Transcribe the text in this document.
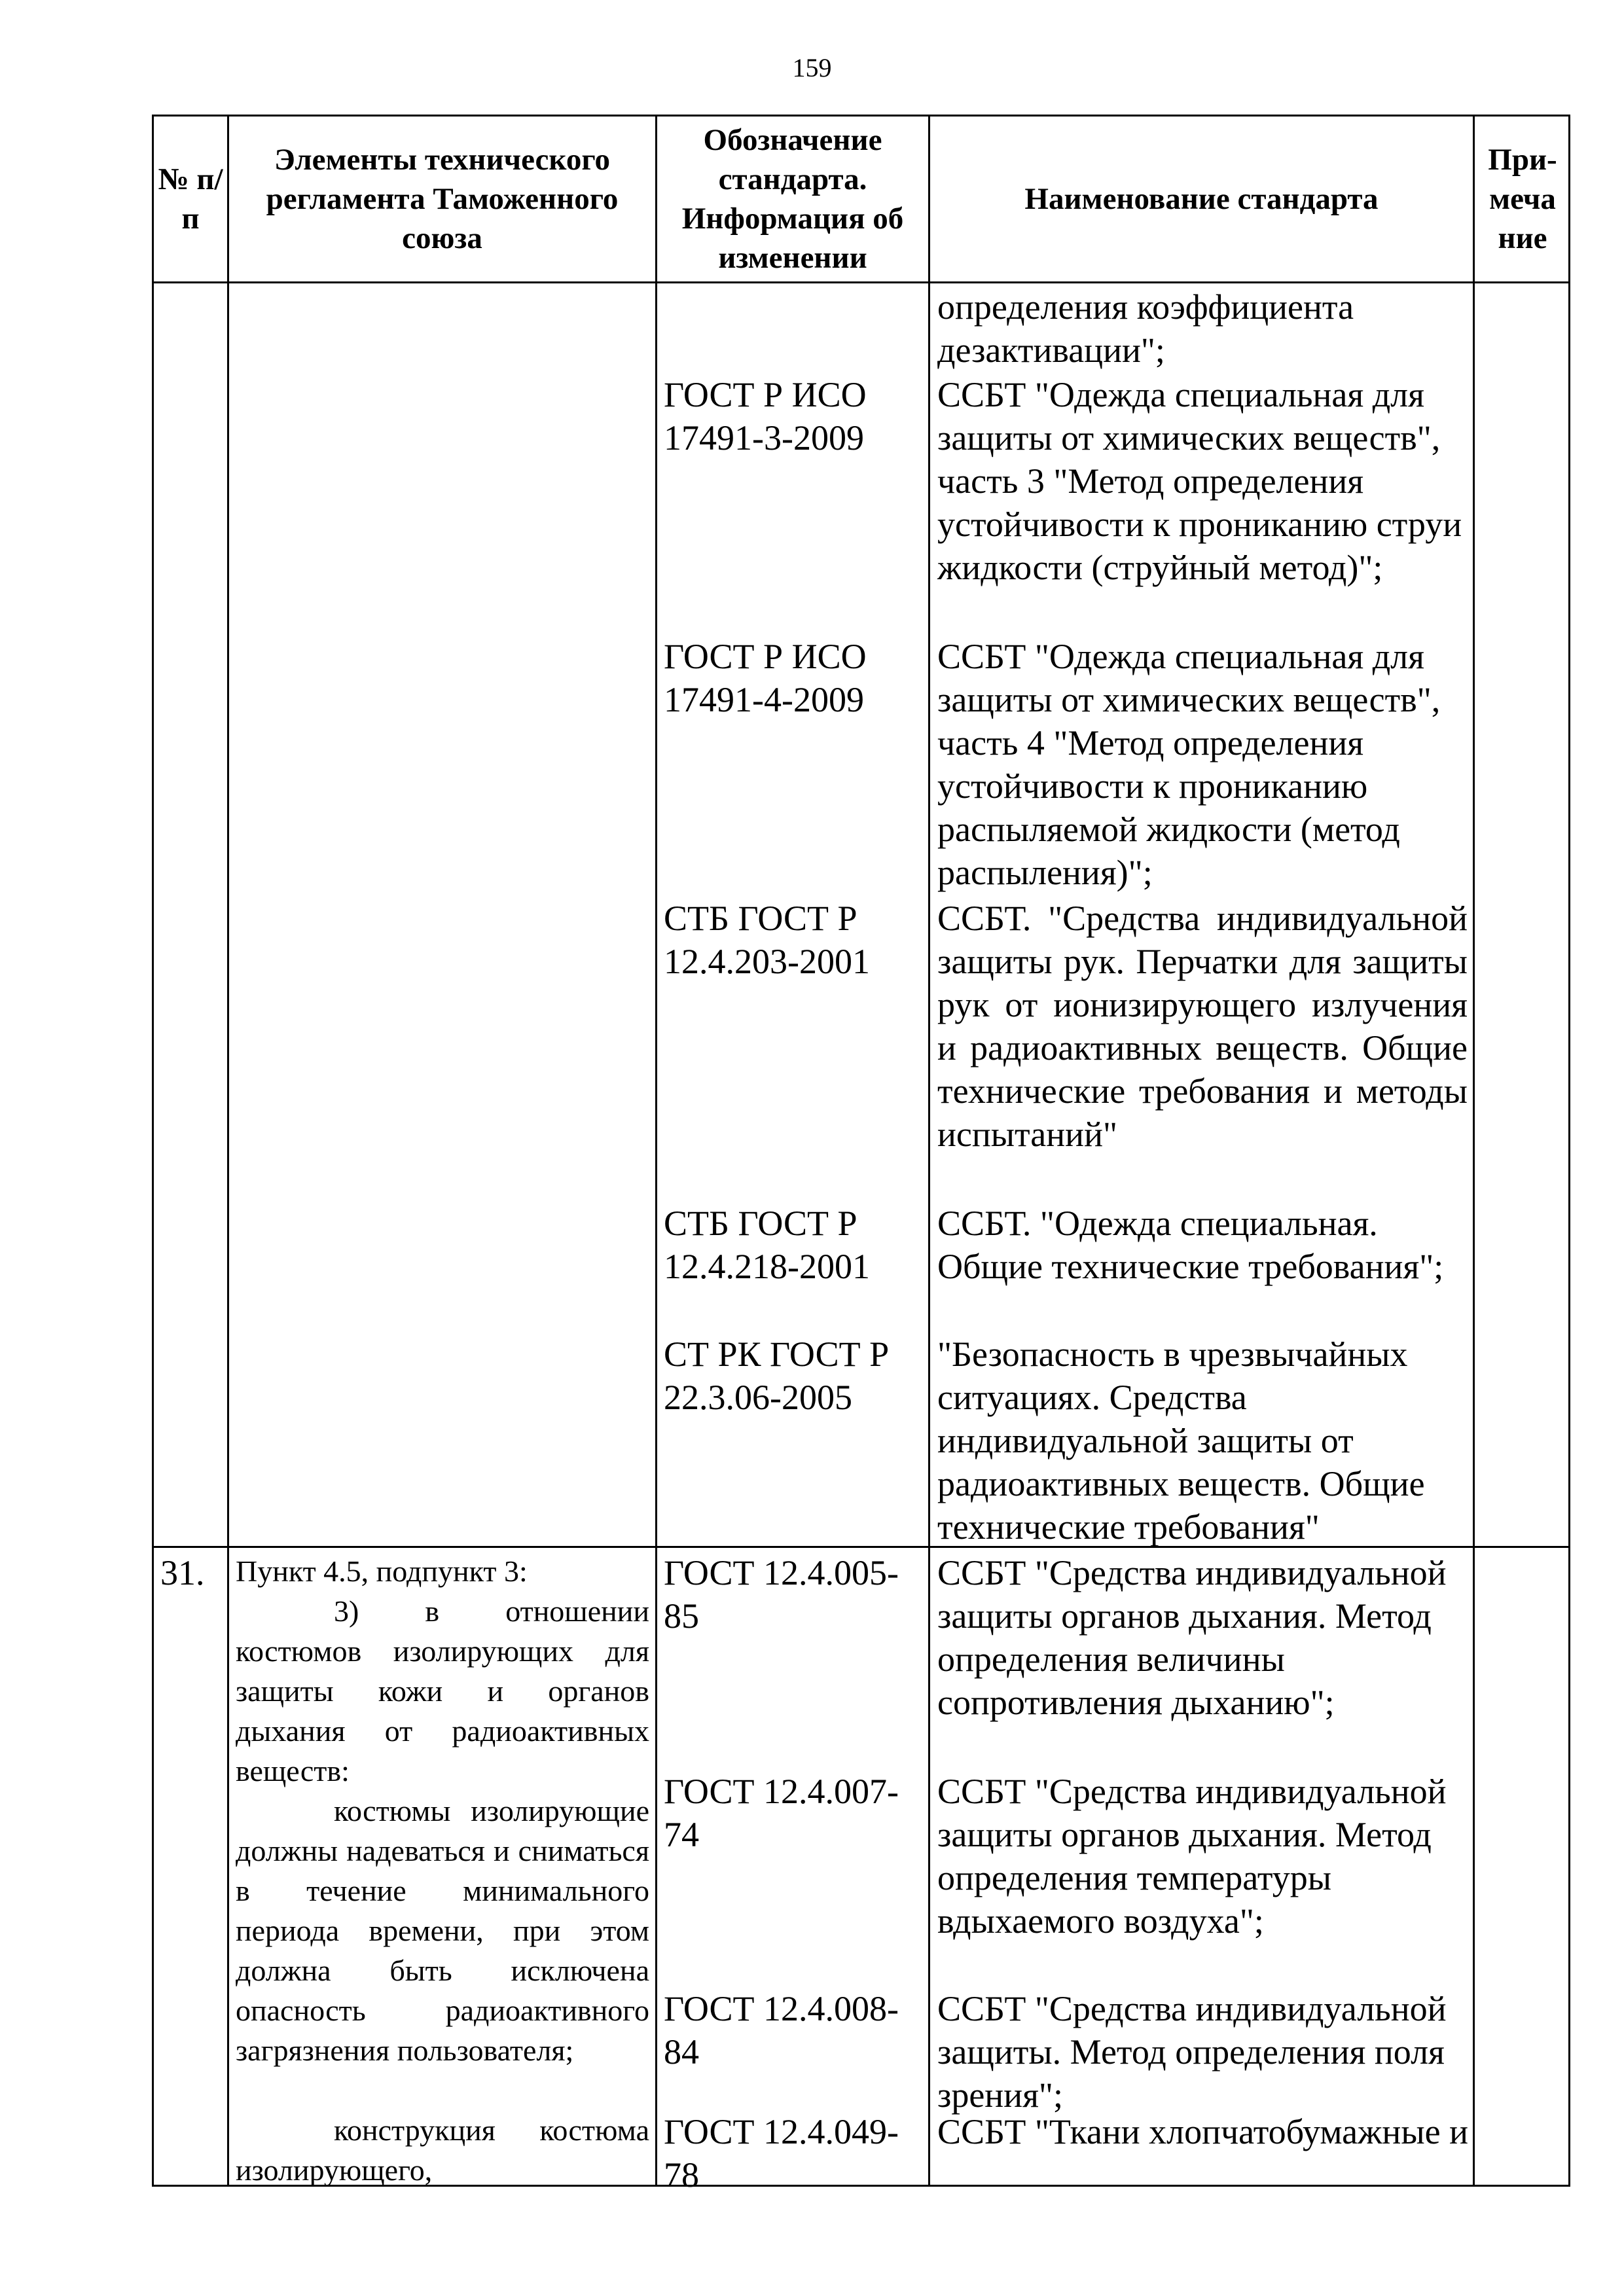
159
№ п/п
Элементы технического регламента Таможенного союза
Обозначение стандарта. Информация об изменении
Наименование стандарта
При- меча ние

определения коэффициента дезактивации";

ГОСТ Р ИСО 17491-3-2009

ССБТ "Одежда специальная для защиты от химических веществ", часть 3 "Метод определения устойчивости к прониканию струи жидкости (струйный метод)";

ГОСТ Р ИСО 17491-4-2009

ССБТ "Одежда специальная для защиты от химических веществ", часть 4 "Метод определения устойчивости к прониканию распыляемой жидкости (метод распыления)";

СТБ ГОСТ Р 12.4.203-2001

ССБТ. "Средства индивидуальной защиты рук. Перчатки для защиты рук от ионизирующего излучения и радиоактивных веществ. Общие технические требования и методы испытаний"

СТБ ГОСТ Р 12.4.218-2001

ССБТ. "Одежда специальная. Общие технические требования";

СТ РК ГОСТ Р 22.3.06-2005

"Безопасность в чрезвычайных ситуациях. Средства индивидуальной защиты от радиоактивных веществ. Общие технические требования"

31.	Пункт 4.5, подпункт 3:

3) в отношении костюмов изолирующих для защиты кожи и органов дыхания от радиоактивных веществ:

костюмы изолирующие должны надеваться и сниматься в течение минимального периода времени, при этом должна быть исключена опасность радиоактивного загрязнения пользователя;

конструкция костюма изолирующего,

ГОСТ 12.4.005-85

ССБТ "Средства индивидуальной защиты органов дыхания. Метод определения величины сопротивления дыханию";

ГОСТ 12.4.007-74

ССБТ "Средства индивидуальной защиты органов дыхания. Метод определения температуры вдыхаемого воздуха";

ГОСТ 12.4.008-84

ССБТ "Средства индивидуальной защиты. Метод определения поля зрения";

ГОСТ 12.4.049-78

ССБТ "Ткани хлопчатобумажные и
